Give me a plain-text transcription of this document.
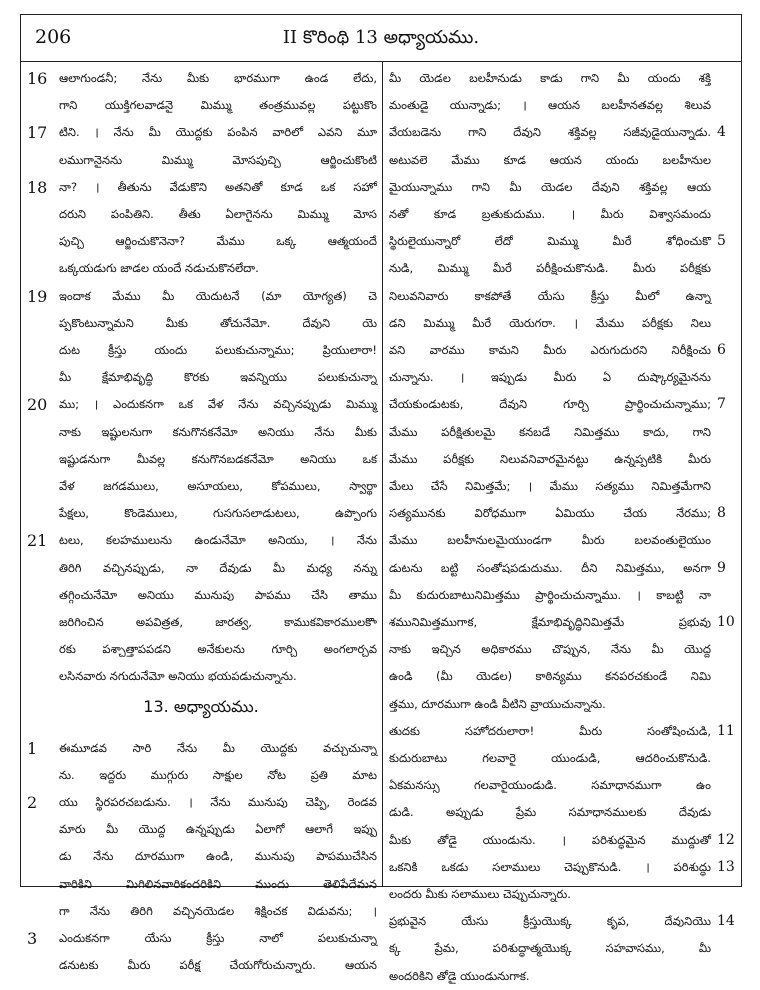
206	II కొరింథి 13 అధ్యాయము.
16	ఆలాగుండనీ; నేను మీకు భారముగా ఉండ లేదు,
గాని యుక్తిగలవాడనై మిమ్ము తంత్రమువల్ల పట్టుకొం
17	టిని. । నేను మీ యొద్దకు పంపిన వారిలో ఎవని మూ
లముగానైనను మిమ్ము మోసపుచ్చి ఆర్జించుకొంటి
18	నా? । తీతును వేడుకొని అతనితో కూడ ఒక సహో
దరుని పంపితిని. తీతు ఏలాగైనను మిమ్ము మోస
పుచ్చి ఆర్జించుకొనెనా? మేము ఒక్క ఆత్మయందే
ఒక్కయడుగు జాడల యందే నడుచుకొనలేదా.
19	ఇందాక మేము మీ యెదుటనే (మా యోగ్యత) చె
ప్పకొంటున్నామని మీకు తోచునేమో. దేవుని యె
దుట క్రీస్తు యందు పలుకుచున్నాము; ప్రియులారా!
మీ క్షేమాభివృద్ధి కొరకు ఇవన్నియు పలుకుచున్నా
20	ము; । ఎందుకనగా ఒక వేళ నేను వచ్చినప్పుడు మిమ్ము
నాకు ఇష్టులనుగా కనుగొనకనేమో అనియు నేను మీకు
ఇష్టుడనుగా మీవల్ల కనుగొనబడకనేమో అనియు ఒక
వేళ జగడములు, అసూయలు, కోపములు, స్వార్థా
పేక్షలు, కొండెములు, గుసగుసలాడుటలు, ఉప్పొంగు
21	టలు, కలహములును ఉండునేమో అనియు, । నేను
తిరిగి వచ్చినప్పుడు, నా దేవుడు మీ మధ్య నన్ను
తగ్గించునేమో అనియు మునుపు పాపము చేసి తాము
జరిగించిన అపవిత్రత, జారత్వ, కాముకవికారములకొా
రకు పశ్చాత్తాపపడని అనేకులను గూర్చి అంగలార్చవ
లసినవారు నగుదునేమో అనియు భయపడుచున్నాను.
13. అధ్యాయము.
1	ఈమూడవ సారి నేను మీ యొద్దకు వచ్చుచున్నా
ను. ఇద్దరు ముగ్గురు సాక్షుల నోట ప్రతి మాట
2	యు స్థిరపరచబడును. । నేను మునుపు చెప్పి, రెండవ
మారు మీ యొద్ద ఉన్నప్పుడు ఏలాగో ఆలాగే ఇప్పు
డు నేను దూరముగా ఉండి, మునుపు పాపముచేసిన
వారికిని మిగిలినవారికందరికిని ముందు తెలిపేదేమన
గా నేను తిరిగి వచ్చినయెడల శిక్షించక విడువను; ।
3	ఎందుకనగా యేసు క్రీస్తు నాలో పలుకుచున్నా
డనుటకు మీరు పరీక్ష చేయగోరుచున్నారు. ఆయన
మీ యెడల బలహీనుడు కాడు గాని మీ యందు శక్తి
మంతుడై యున్నాడు; । ఆయన బలహీనతవల్ల శిలువ
4
వేయబడెను గాని దేవుని శక్తివల్ల సజీవుడైయున్నాడు.
అటువలె మేము కూడ ఆయన యందు బలహీనుల
మైయున్నాము గాని మీ యెడల దేవుని శక్తివల్ల ఆయ
నతో కూడ బ్రతుకుదుము. । మీరు విశ్వాసమందు
5
స్థిరులైయున్నారో లేదో మిమ్ము మీరే శోధించుకొ
నుడి, మిమ్ము మీరే పరీక్షించుకొనుడి. మీరు పరీక్షకు
నిలువనివారు కాకపోతే యేసు క్రీస్తు మీలో ఉన్నా
డని మిమ్ము మీరే యెరుగరా. । మేము పరీక్షకు నిలు
6
వని వారము కామని మీరు ఎరుగుదురని నిరీక్షించు
చున్నాను. । ఇప్పుడు మీరు ఏ దుష్కార్యమైనను
7
చేయకుండుటకు, దేవుని గూర్చి ప్రార్థించుచున్నాము;
మేము పరీక్షితులమై కనబడే నిమిత్తము కాదు, గాని
మేము పరీక్షకు నిలువనివారమైనట్టు ఉన్నప్పటికి మీరు
మేలు చేసే నిమిత్తమే; । మేము సత్యము నిమిత్తమేగాని
8
సత్యమునకు విరోధముగా ఏమియు చేయ నేరము;
మేము బలహీనులమైయుండగా మీరు బలవంతులైయుం
9
డుటను బట్టి సంతోషపడుదుము. దీని నిమిత్తము, అనగా
మీ కుదురుబాటునిమిత్తము ప్రార్థించుచున్నాము. । కాబట్టి నా
10
శమునిమిత్తముగాక, క్షేమాభివృద్ధినిమిత్తమే ప్రభువు
నాకు ఇచ్చిన అధికారము చొప్పున, నేను మీ యొద్ద
ఉండి (మీ యెడల) కాఠిన్యము కనపరచకుండే నిమి
త్తము, దూరముగా ఉండి వీటిని వ్రాయుచున్నాను.
11
తుదకు సహోదరులారా! మీరు సంతోషించుడి,
కుదురుబాటు గలవారై యుండుడి, ఆదరించుకొనుడి.
ఏకమనస్సు గలవారైయుండుడి. సమాధానముగా ఉం
డుడి. అప్పుడు ప్రేమ సమాధానములకు దేవుడు
12
మీకు తోడై యుండును. । పరిశుద్ధమైన ముద్దుతో
13
ఒకనికి ఒకడు సలాములు చెప్పుకొనుడి. । పరిశుద్ధు
లందరు మీకు సలాములు చెప్పుచున్నారు.
14
ప్రభువైన యేసు క్రీస్తుయొక్క కృప, దేవునియొ
క్క ప్రేమ, పరిశుద్ధాత్మయొక్క సహవాసము, మీ
అందరికిని తోడై యుండునుగాక.
